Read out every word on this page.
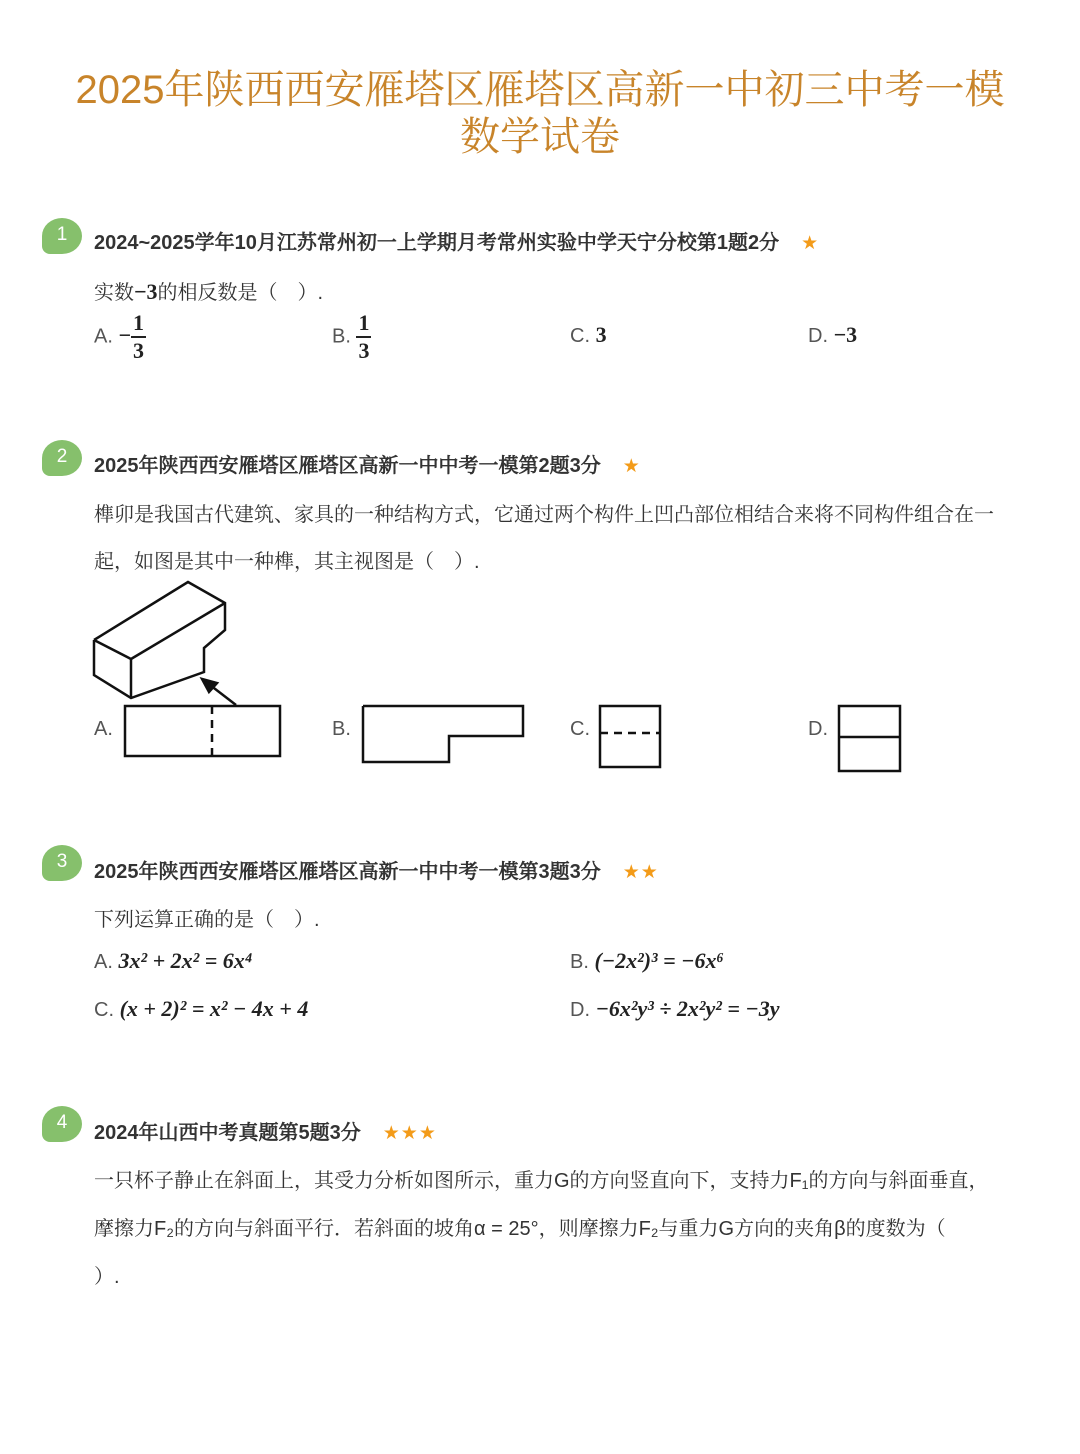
2025年陕西西安雁塔区雁塔区高新一中初三中考一模
数学试卷
1	2024~2025学年10月江苏常州初一上学期月考常州实验中学天宁分校第1题2分 ★
实数−3的相反数是（　）.
A. − $\frac{1}{3}$	B. $\frac{1}{3}$	C. 3	D. −3
2	2025年陕西西安雁塔区雁塔区高新一中中考一模第2题3分 ★
榫卯是我国古代建筑、家具的一种结构方式，它通过两个构件上凹凸部位相结合来将不同构件组合在一
起，如图是其中一种榫，其主视图是（　）.
A.	B.	C.	D.
3	2025年陕西西安雁塔区雁塔区高新一中中考一模第3题3分 ★★
下列运算正确的是（　）.
A. 3x² + 2x² = 6x⁴	B. (−2x²)³ = −6x⁶
C. (x + 2)² = x² − 4x + 4	D. −6x²y³ ÷ 2x²y² = −3y
4	2024年山西中考真题第5题3分 ★★★
一只杯子静止在斜面上，其受力分析如图所示，重力G的方向竖直向下，支持力F₁的方向与斜面垂直，
摩擦力F₂的方向与斜面平行．若斜面的坡角α = 25°，则摩擦力F₂与重力G方向的夹角β的度数为（
）.
